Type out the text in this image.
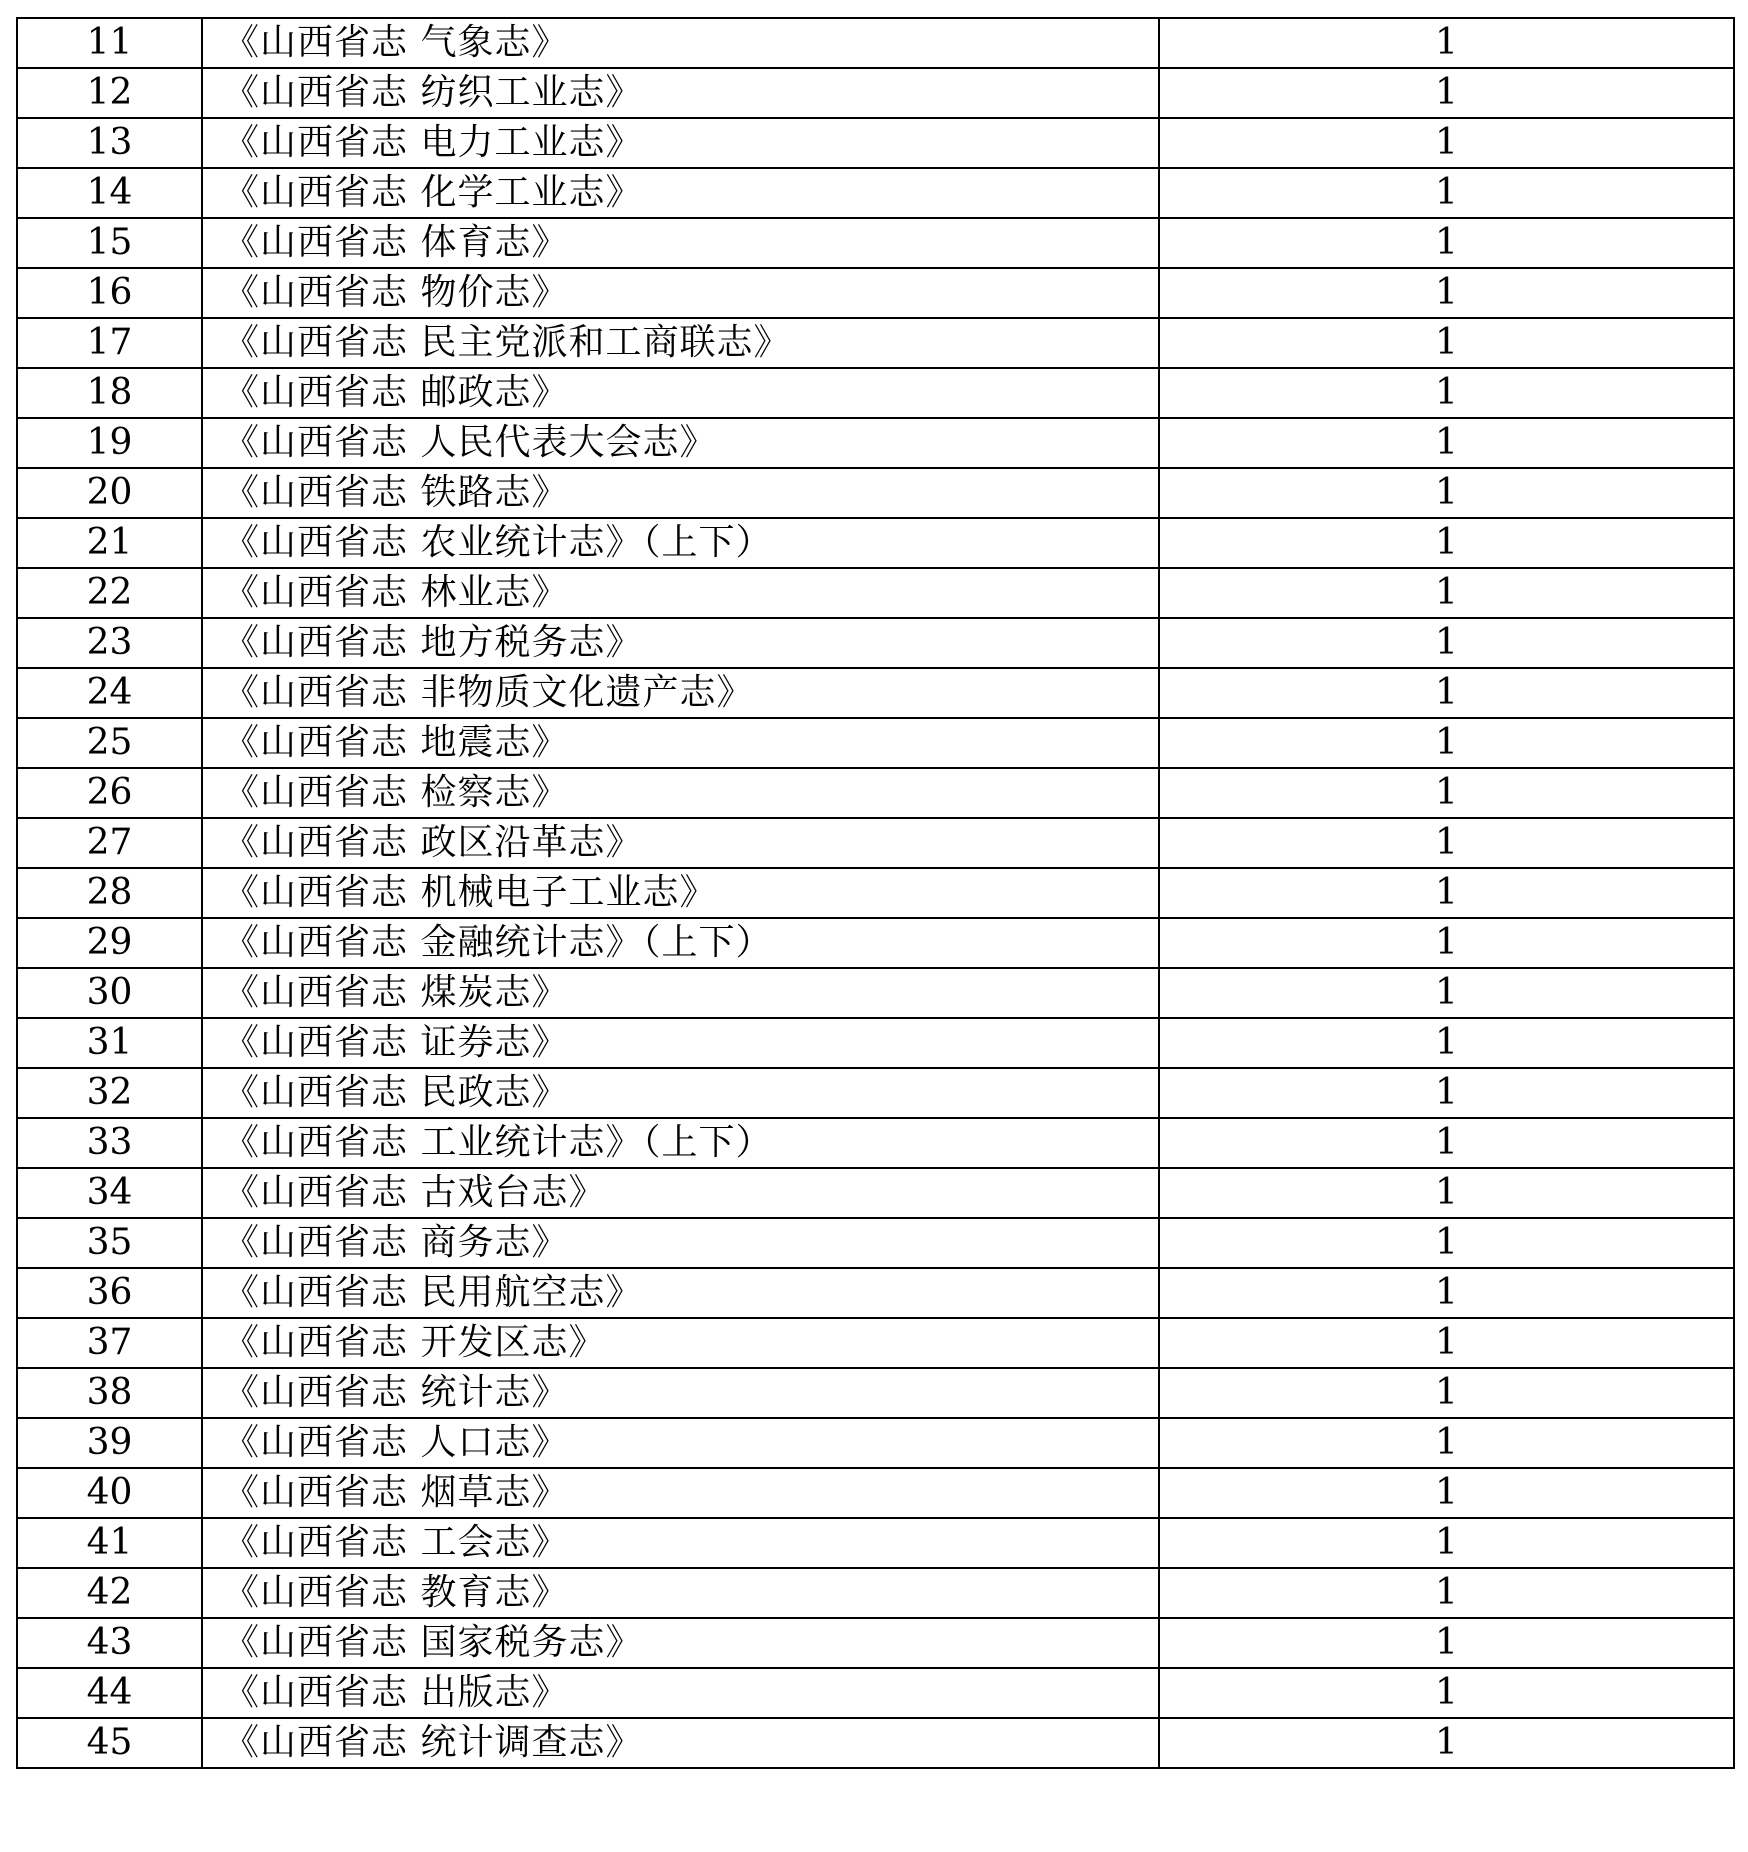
11	《山西省志 气象志》	1
12	《山西省志 纺织工业志》	1
13	《山西省志 电力工业志》	1
14	《山西省志 化学工业志》	1
15	《山西省志 体育志》	1
16	《山西省志 物价志》	1
17	《山西省志 民主党派和工商联志》	1
18	《山西省志 邮政志》	1
19	《山西省志 人民代表大会志》	1
20	《山西省志 铁路志》	1
21	《山西省志 农业统计志》（上下）	1
22	《山西省志 林业志》	1
23	《山西省志 地方税务志》	1
24	《山西省志 非物质文化遗产志》	1
25	《山西省志 地震志》	1
26	《山西省志 检察志》	1
27	《山西省志 政区沿革志》	1
28	《山西省志 机械电子工业志》	1
29	《山西省志 金融统计志》（上下）	1
30	《山西省志 煤炭志》	1
31	《山西省志 证券志》	1
32	《山西省志 民政志》	1
33	《山西省志 工业统计志》（上下）	1
34	《山西省志 古戏台志》	1
35	《山西省志 商务志》	1
36	《山西省志 民用航空志》	1
37	《山西省志 开发区志》	1
38	《山西省志 统计志》	1
39	《山西省志 人口志》	1
40	《山西省志 烟草志》	1
41	《山西省志 工会志》	1
42	《山西省志 教育志》	1
43	《山西省志 国家税务志》	1
44	《山西省志 出版志》	1
45	《山西省志 统计调查志》	1
